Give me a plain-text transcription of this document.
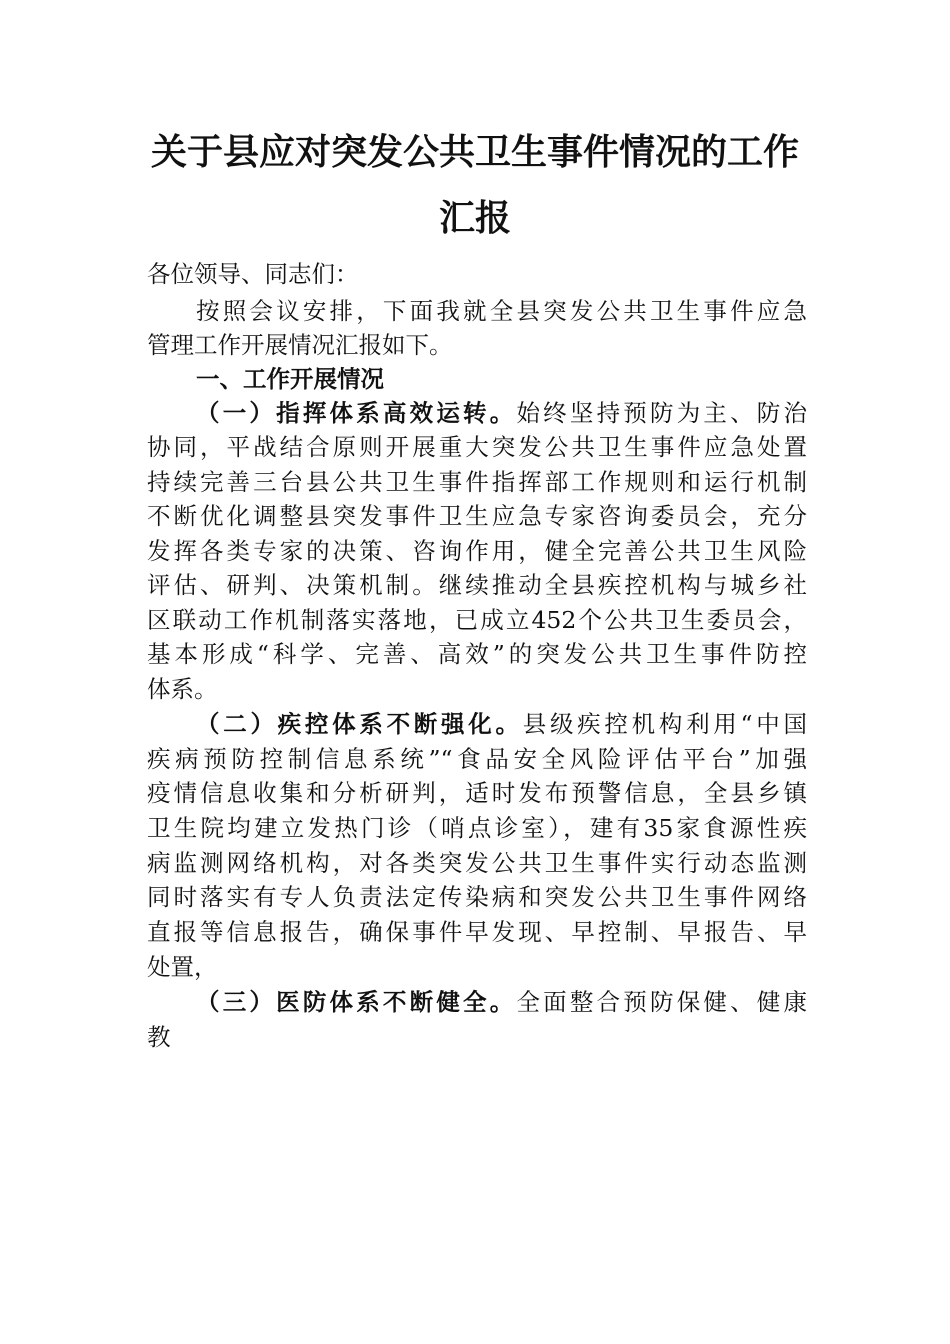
关于县应对突发公共卫生事件情况的工作
汇报

各位领导、同志们：

按照会议安排，下面我就全县突发公共卫生事件应急

管理工作开展情况汇报如下。

一、工作开展情况

（一）指挥体系高效运转。始终坚持预防为主、防治

协同，平战结合原则开展重大突发公共卫生事件应急处置

持续完善三台县公共卫生事件指挥部工作规则和运行机制

不断优化调整县突发事件卫生应急专家咨询委员会，充分

发挥各类专家的决策、咨询作用，健全完善公共卫生风险

评估、研判、决策机制。继续推动全县疾控机构与城乡社

区联动工作机制落实落地，已成立452个公共卫生委员会，

基本形成“科学、完善、高效”的突发公共卫生事件防控

体系。

（二）疾控体系不断强化。县级疾控机构利用“中国

疾病预防控制信息系统”“食品安全风险评估平台”加强

疫情信息收集和分析研判，适时发布预警信息，全县乡镇

卫生院均建立发热门诊（哨点诊室），建有35家食源性疾

病监测网络机构，对各类突发公共卫生事件实行动态监测

同时落实有专人负责法定传染病和突发公共卫生事件网络

直报等信息报告，确保事件早发现、早控制、早报告、早

处置，

（三）医防体系不断健全。全面整合预防保健、健康

教
